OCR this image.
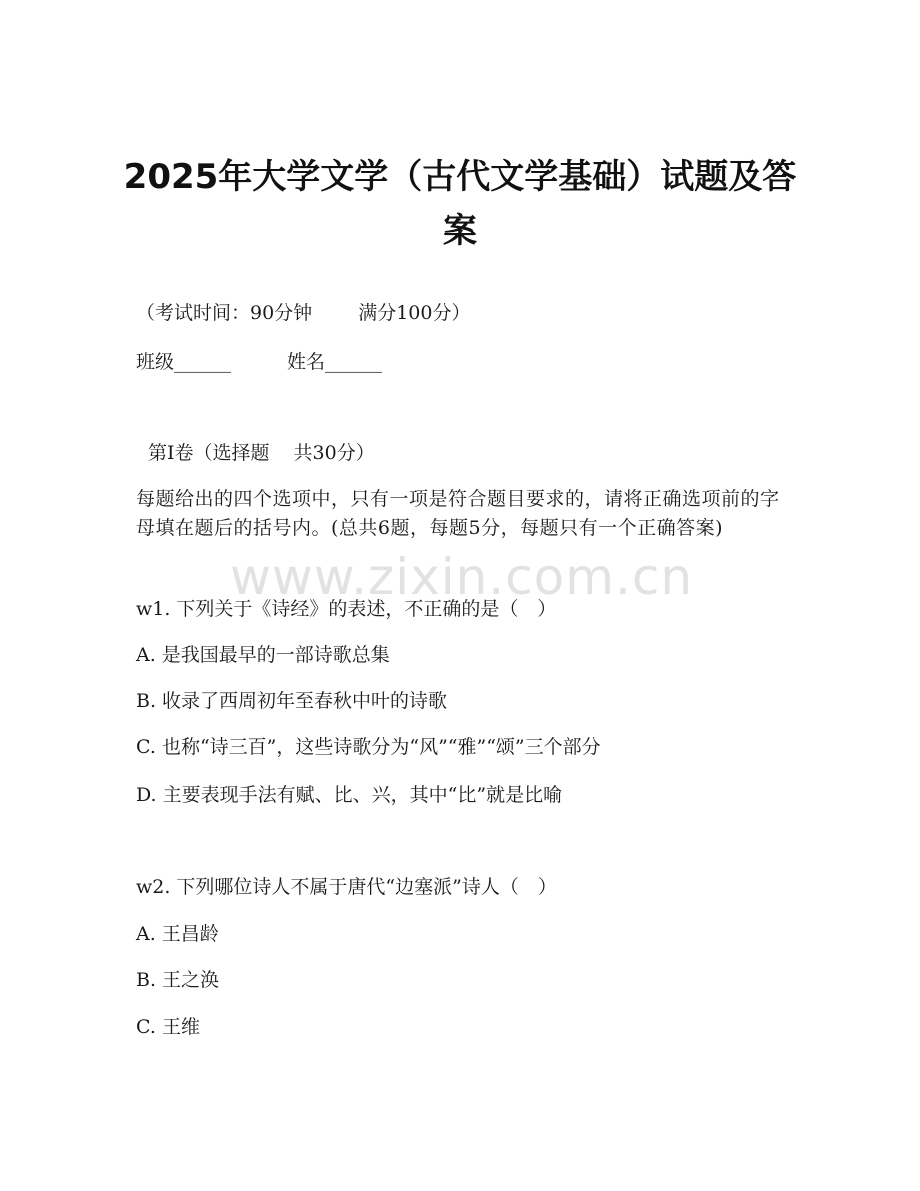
2025年大学文学（古代文学基础）试题及答案

（考试时间：90分钟 满分100分）

班级______	姓名______

第Ⅰ卷（选择题 共30分）

每题给出的四个选项中，只有一项是符合题目要求的，请将正确选项前的字母填在题后的括号内。(总共6题，每题5分，每题只有一个正确答案)

w1. 下列关于《诗经》的表述，不正确的是（　）

A. 是我国最早的一部诗歌总集

B. 收录了西周初年至春秋中叶的诗歌

C. 也称“诗三百”，这些诗歌分为“风”“雅”“颂”三个部分

D. 主要表现手法有赋、比、兴，其中“比”就是比喻

w2. 下列哪位诗人不属于唐代“边塞派”诗人（　）

A. 王昌龄

B. 王之涣

C. 王维

www.zixin.com.cn
